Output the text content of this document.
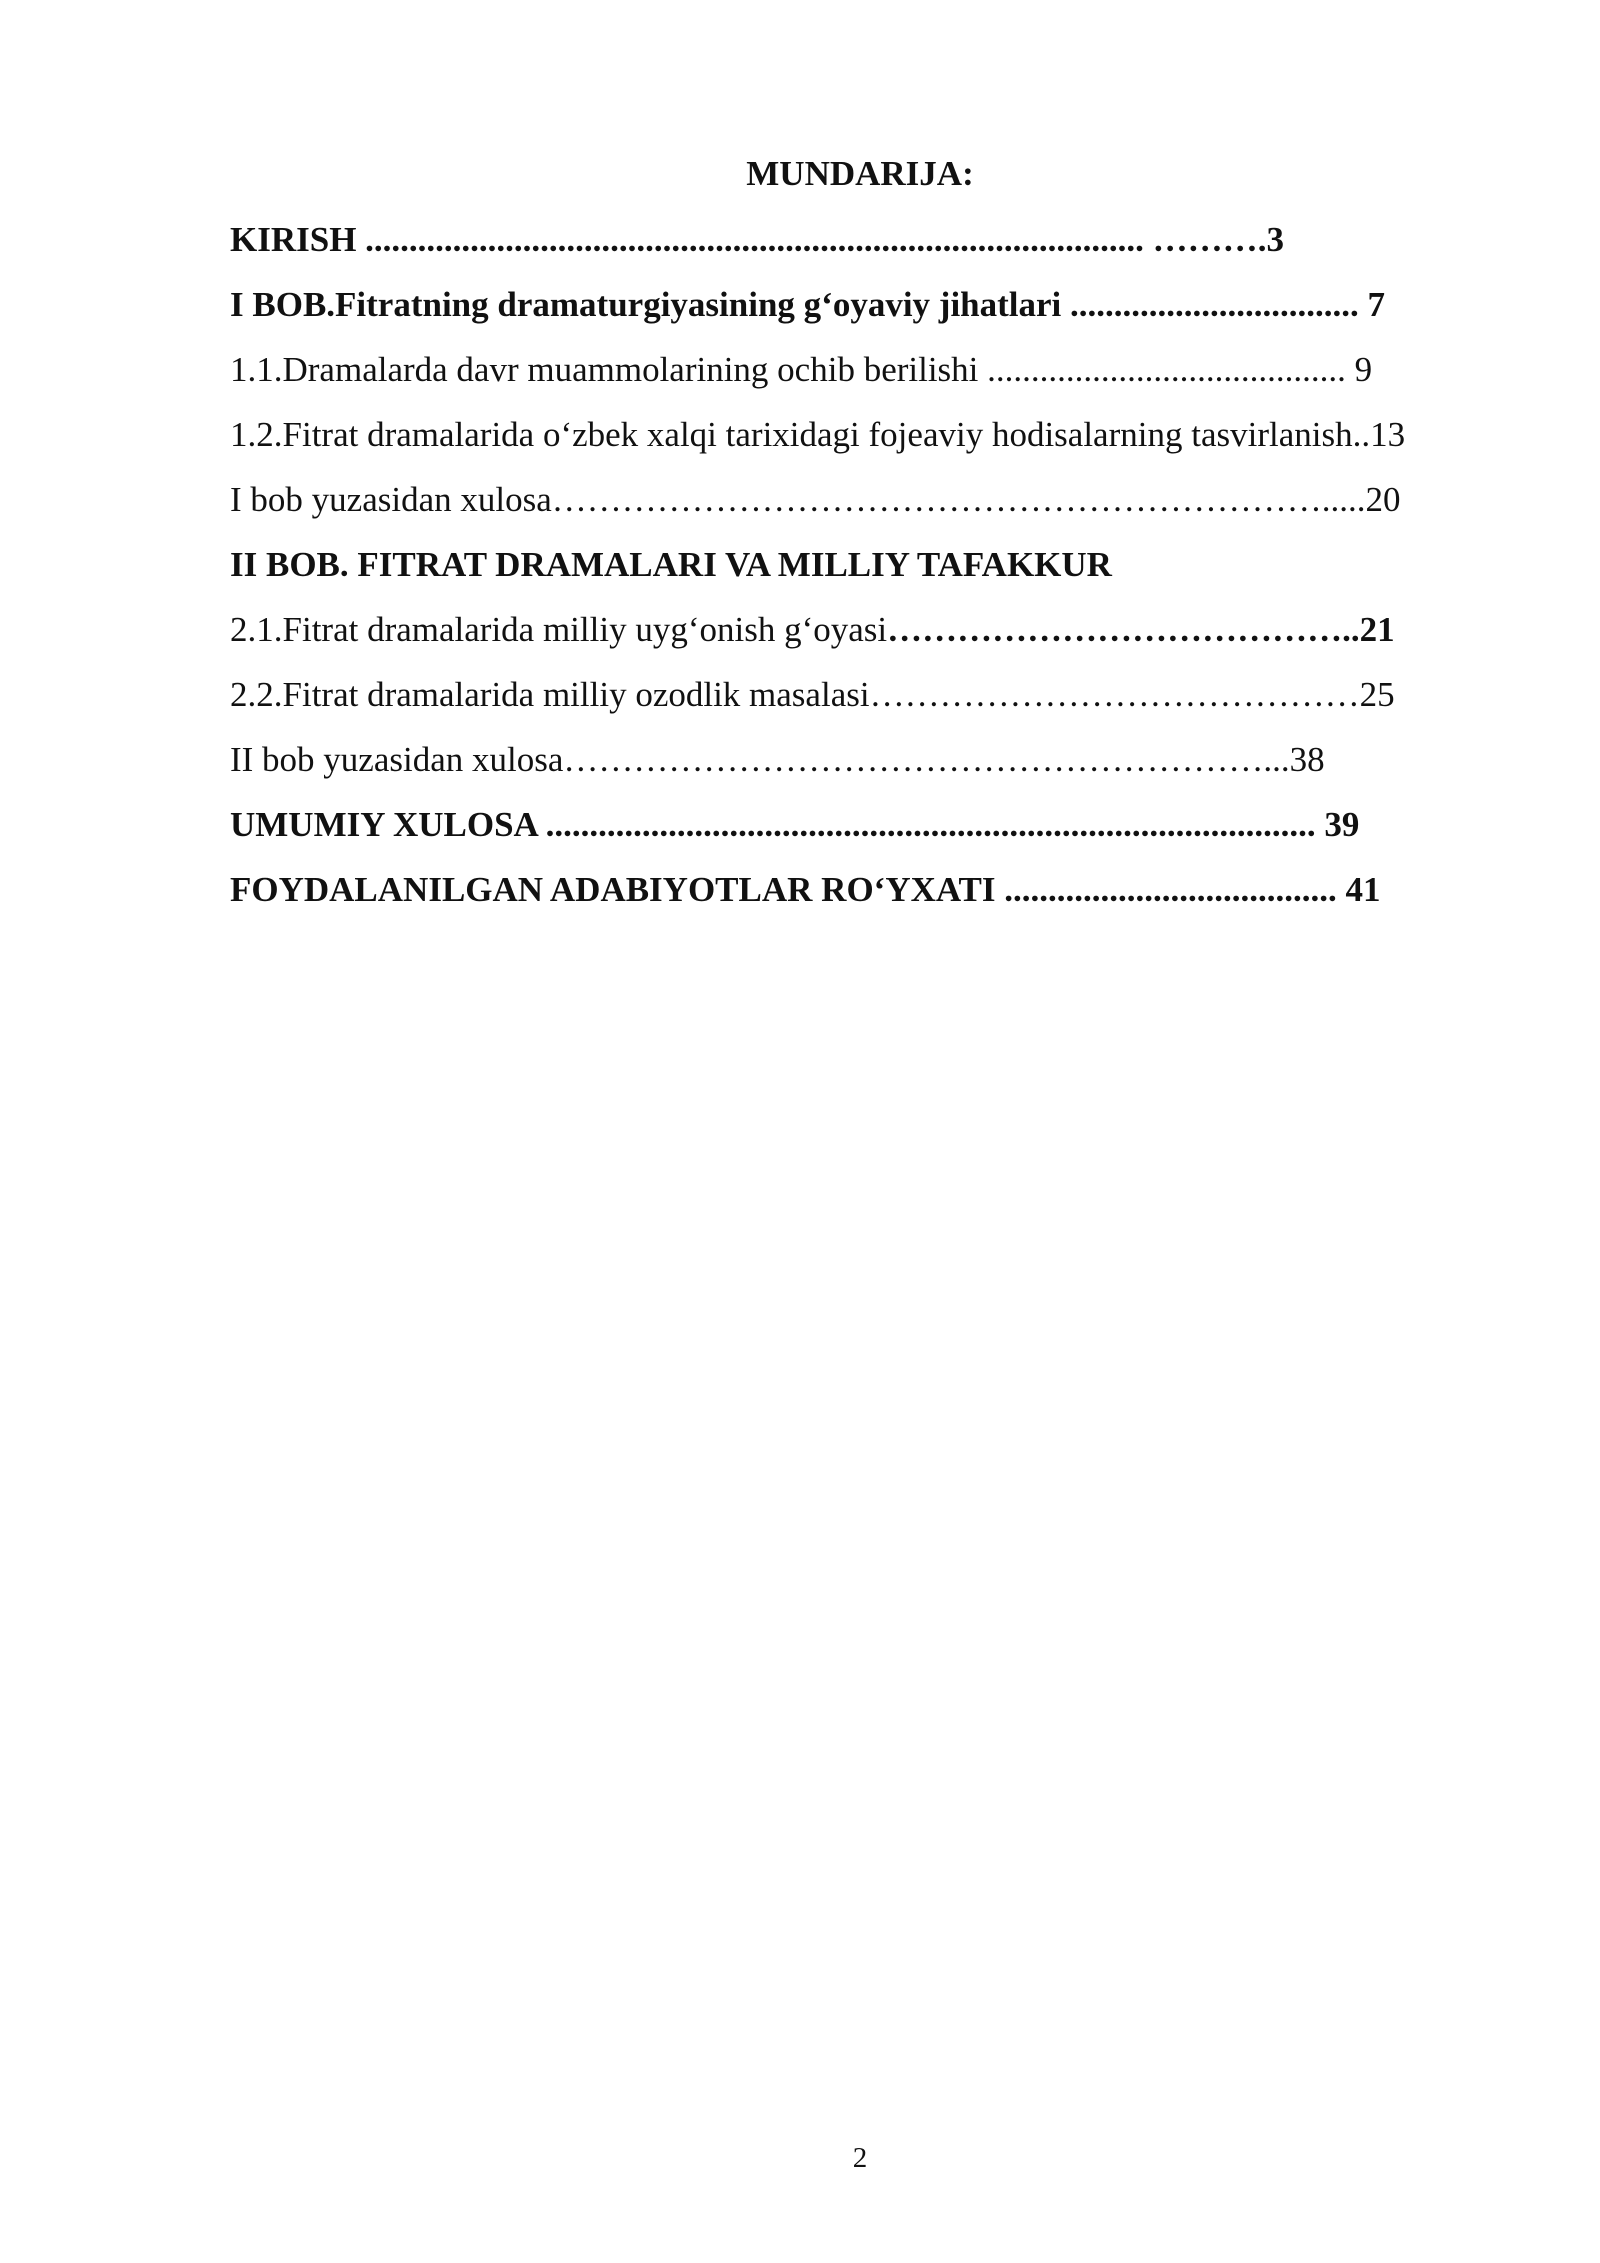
MUNDARIJA:
KIRISH ......................................................................................... ……….3
I BOB.Fitratning dramaturgiyasining g‘oyaviy jihatlari ................................. 7
1.1.Dramalarda davr muammolarining ochib berilishi ......................................... 9
1.2.Fitrat dramalarida o‘zbek xalqi tarixidagi fojeaviy hodisalarning tasvirlanish..13
I bob yuzasidan xulosa………………………………………………………….....20
II BOB. FITRAT DRAMALARI VA MILLIY TAFAKKUR
2.1.Fitrat dramalarida milliy uyg‘onish g‘oyasi…………………………………..21
2.2.Fitrat dramalarida milliy ozodlik masalasi……………………………………25
II bob yuzasidan xulosa……………………………………………………...38
UMUMIY XULOSA ........................................................................................ 39
FOYDALANILGAN ADABIYOTLAR RO‘YXATI ...................................... 41
2
